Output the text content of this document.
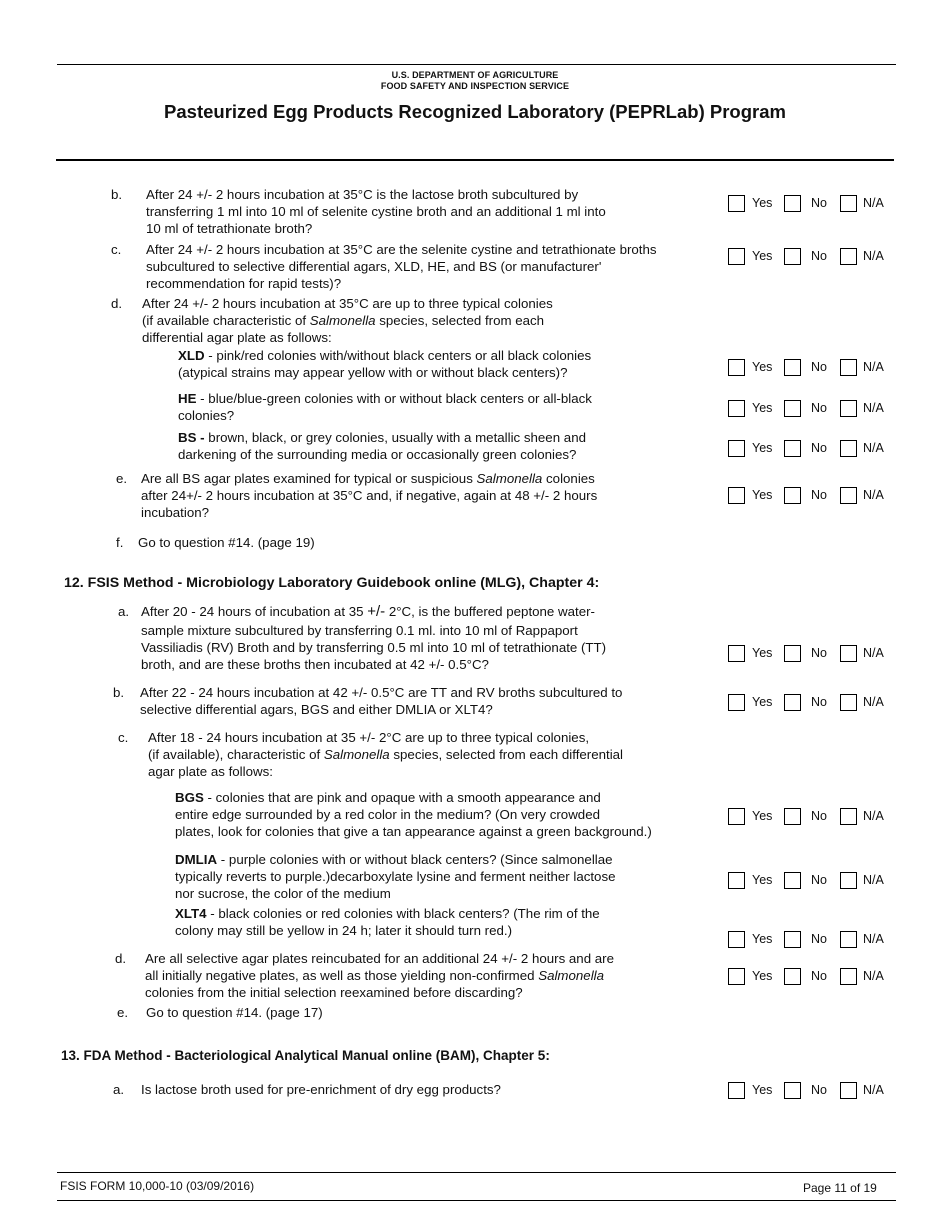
U.S. DEPARTMENT OF AGRICULTURE
FOOD SAFETY AND INSPECTION SERVICE
Pasteurized Egg Products Recognized Laboratory (PEPRLab) Program
b. After 24 +/- 2 hours incubation at 35°C is the lactose broth subcultured by
transferring 1 ml into 10 ml of selenite cystine broth and an additional 1 ml into
10 ml of tetrathionate broth?
Yes	No	N/A
c. After 24 +/- 2 hours incubation at 35°C are the selenite cystine and tetrathionate broths
subcultured to selective differential agars, XLD, HE, and BS (or manufacturer'
recommendation for rapid tests)?
Yes	No	N/A
d. After 24 +/- 2 hours incubation at 35°C are up to three typical colonies
(if available characteristic of Salmonella species, selected from each
differential agar plate as follows:
XLD - pink/red colonies with/without black centers or all black colonies
(atypical strains may appear yellow with or without black centers)?	Yes	No	N/A
HE - blue/blue-green colonies with or without black centers or all-black
colonies?	Yes	No	N/A
BS - brown, black, or grey colonies, usually with a metallic sheen and
darkening of the surrounding media or occasionally green colonies?	Yes	No	N/A
e. Are all BS agar plates examined for typical or suspicious Salmonella colonies
after 24+/- 2 hours incubation at 35°C and, if negative, again at 48 +/- 2 hours
incubation?
Yes	No	N/A
f. Go to question #14. (page 19)
12. FSIS Method - Microbiology Laboratory Guidebook online (MLG), Chapter 4:
a. After 20 - 24 hours of incubation at 35 +/- 2°C, is the buffered peptone water-
sample mixture subcultured by transferring 0.1 ml. into 10 ml of Rappaport
Vassiliadis (RV) Broth and by transferring 0.5 ml into 10 ml of tetrathionate (TT)
broth, and are these broths then incubated at 42 +/- 0.5°C?
Yes	No	N/A
b. After 22 - 24 hours incubation at 42 +/- 0.5°C are TT and RV broths subcultured to
selective differential agars, BGS and either DMLIA or XLT4?	Yes	No	N/A
c. After 18 - 24 hours incubation at 35 +/- 2°C are up to three typical colonies,
(if available), characteristic of Salmonella species, selected from each differential
agar plate as follows:
BGS - colonies that are pink and opaque with a smooth appearance and
entire edge surrounded by a red color in the medium? (On very crowded
plates, look for colonies that give a tan appearance against a green background.)
Yes	No	N/A
DMLIA - purple colonies with or without black centers? (Since salmonellae
typically reverts to purple.)decarboxylate lysine and ferment neither lactose
nor sucrose, the color of the medium
Yes	No	N/A
XLT4 - black colonies or red colonies with black centers? (The rim of the
colony may still be yellow in 24 h; later it should turn red.)
Yes	No	N/A
d. Are all selective agar plates reincubated for an additional 24 +/- 2 hours and are
all initially negative plates, as well as those yielding non-confirmed Salmonella
colonies from the initial selection reexamined before discarding?
Yes	No	N/A
e. Go to question #14. (page 17)
13. FDA Method - Bacteriological Analytical Manual online (BAM), Chapter 5:
a. Is lactose broth used for pre-enrichment of dry egg products?	Yes	No	N/A
FSIS FORM 10,000-10 (03/09/2016)	Page 11 of 19
